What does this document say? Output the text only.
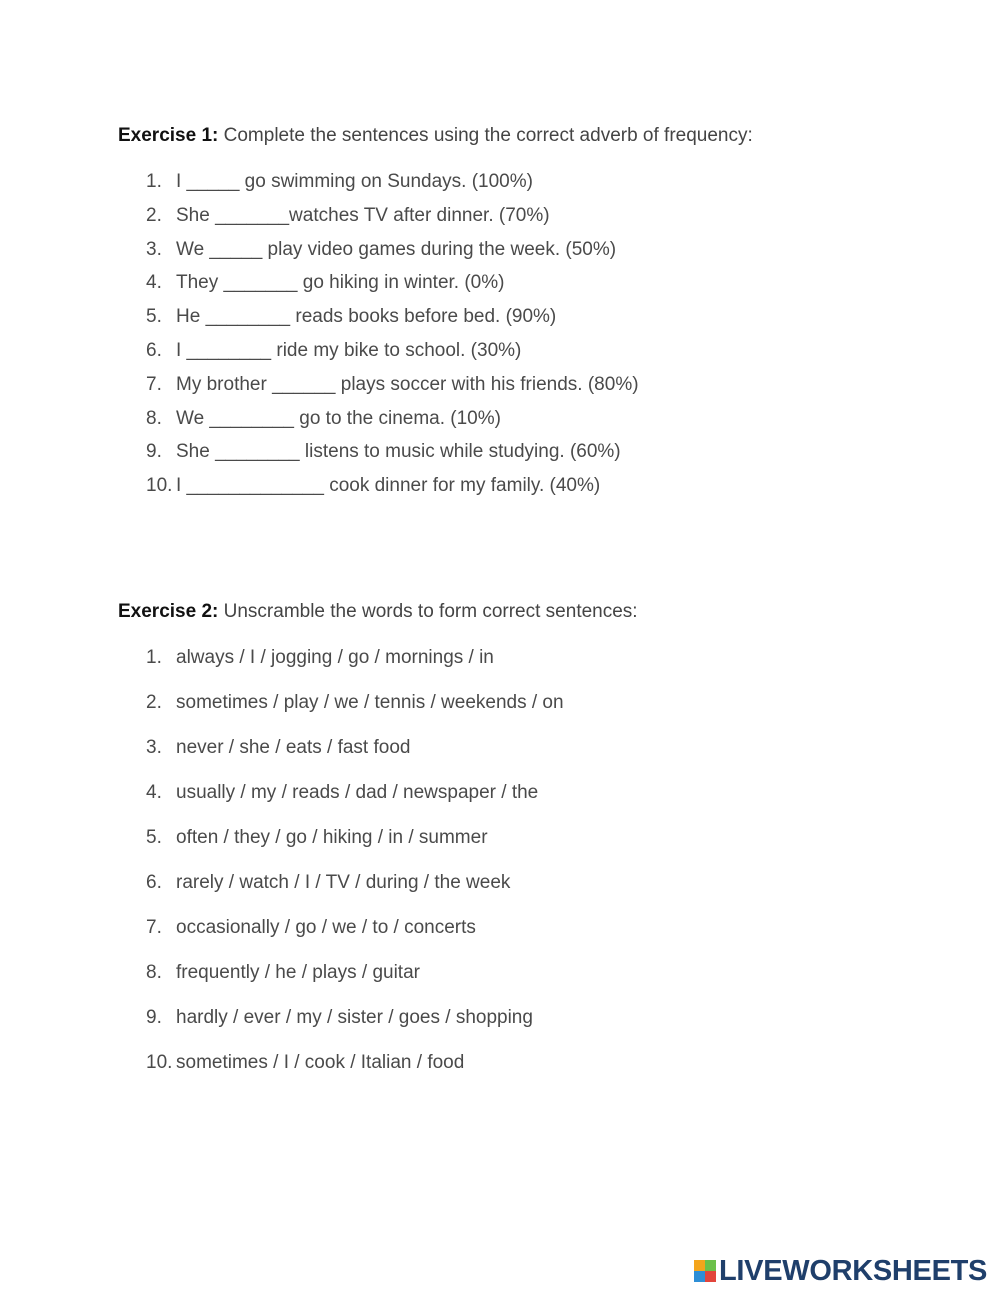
Exercise 1: Complete the sentences using the correct adverb of frequency:

1. I _____ go swimming on Sundays. (100%)
2. She _______watches TV after dinner. (70%)
3. We _____ play video games during the week. (50%)
4. They _______ go hiking in winter. (0%)
5. He ________ reads books before bed. (90%)
6. I ________ ride my bike to school. (30%)
7. My brother ______ plays soccer with his friends. (80%)
8. We ________ go to the cinema. (10%)
9. She ________ listens to music while studying. (60%)
10. I _____________ cook dinner for my family. (40%)

Exercise 2: Unscramble the words to form correct sentences:

1. always / I / jogging / go / mornings / in
2. sometimes / play / we / tennis / weekends / on
3. never / she / eats / fast food
4. usually / my / reads / dad / newspaper / the
5. often / they / go / hiking / in / summer
6. rarely / watch / I / TV / during / the week
7. occasionally / go / we / to / concerts
8. frequently / he / plays / guitar
9. hardly / ever / my / sister / goes / shopping
10. sometimes / I / cook / Italian / food
LIVEWORKSHEETS
